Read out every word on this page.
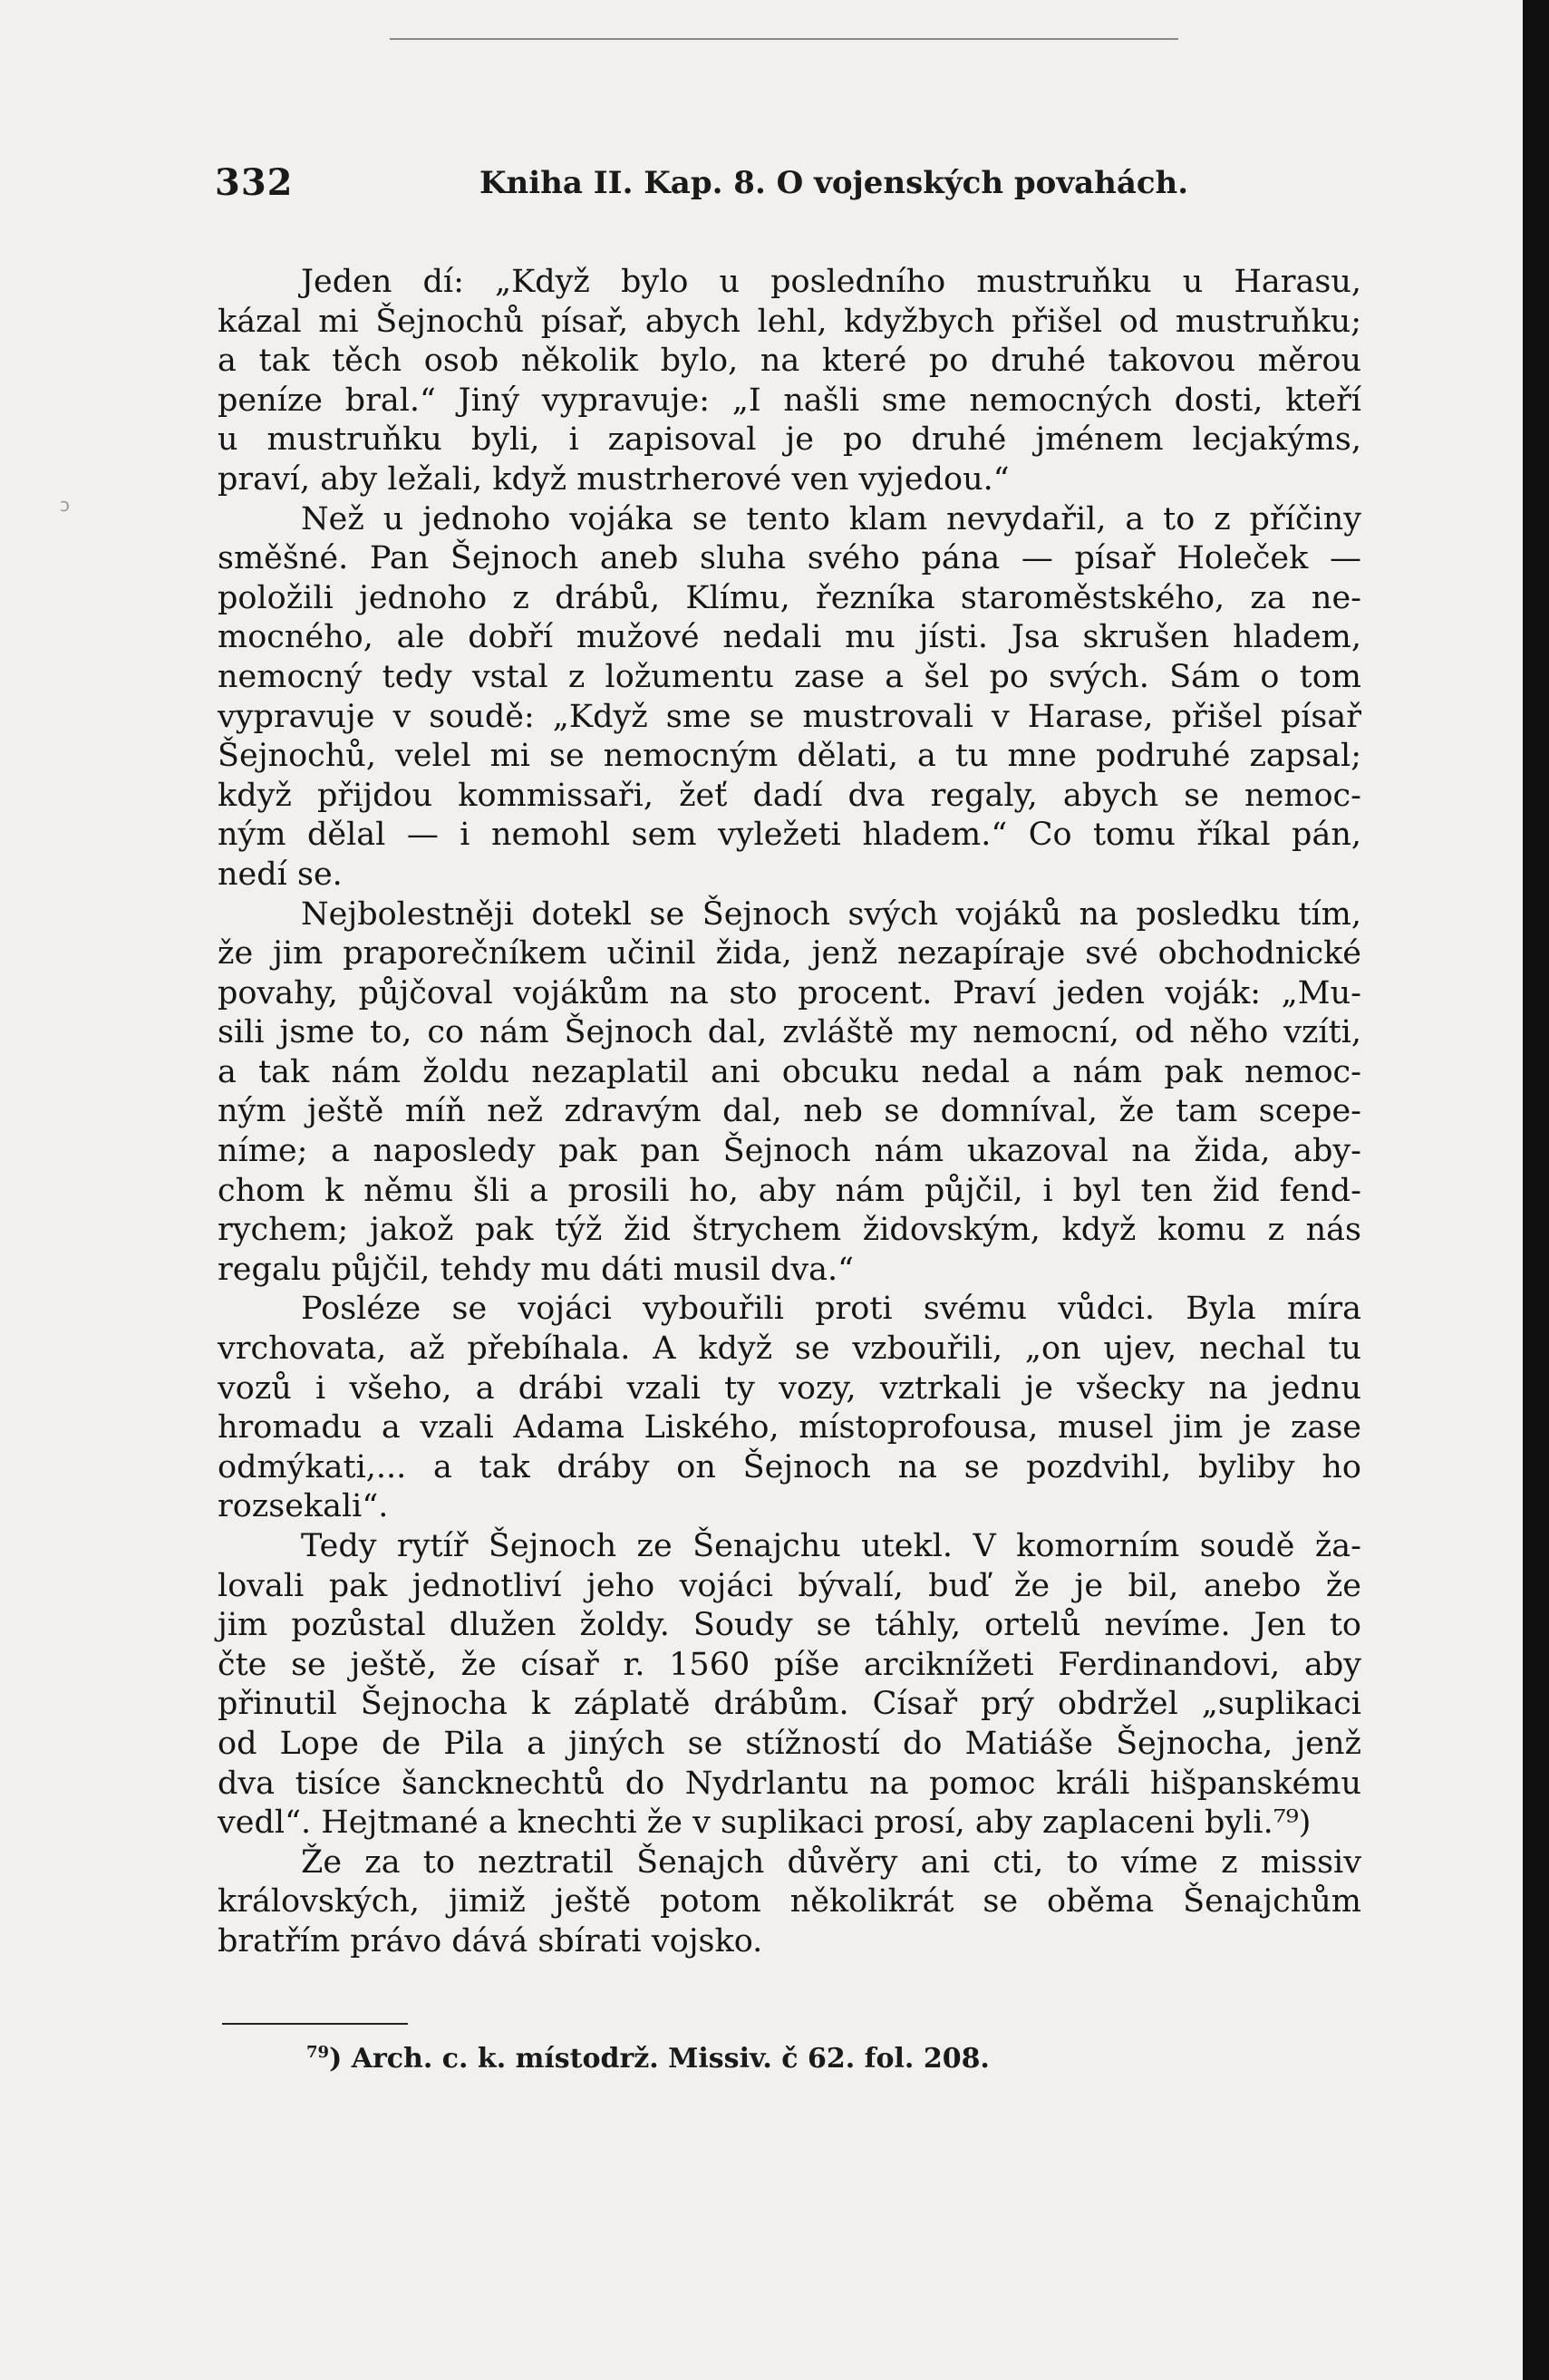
332	Kniha II. Kap. 8. O vojenských povahách.
ↄ
Jeden dí: „Když bylo u posledního mustruňku u Harasu,
kázal mi Šejnochů písař, abych lehl, kdyžbych přišel od mustruňku;
a tak těch osob několik bylo, na které po druhé takovou měrou
peníze bral.“ Jiný vypravuje: „I našli sme nemocných dosti, kteří
u mustruňku byli, i zapisoval je po druhé jménem lecjakýms,
praví, aby ležali, když mustrherové ven vyjedou.“
Než u jednoho vojáka se tento klam nevydařil, a to z příčiny
směšné. Pan Šejnoch aneb sluha svého pána — písař Holeček —
položili jednoho z drábů, Klímu, řezníka staroměstského, za ne-
mocného, ale dobří mužové nedali mu jísti. Jsa skrušen hladem,
nemocný tedy vstal z ložumentu zase a šel po svých. Sám o tom
vypravuje v soudě: „Když sme se mustrovali v Harase, přišel písař
Šejnochů, velel mi se nemocným dělati, a tu mne podruhé zapsal;
když přijdou kommissaři, žeť dadí dva regaly, abych se nemoc-
ným dělal — i nemohl sem vyležeti hladem.“ Co tomu říkal pán,
nedí se.
Nejbolestněji dotekl se Šejnoch svých vojáků na posledku tím,
že jim praporečníkem učinil žida, jenž nezapíraje své obchodnické
povahy, půjčoval vojákům na sto procent. Praví jeden voják: „Mu-
sili jsme to, co nám Šejnoch dal, zvláště my nemocní, od něho vzíti,
a tak nám žoldu nezaplatil ani obcuku nedal a nám pak nemoc-
ným ještě míň než zdravým dal, neb se domníval, že tam scepe-
níme; a naposledy pak pan Šejnoch nám ukazoval na žida, aby-
chom k němu šli a prosili ho, aby nám půjčil, i byl ten žid fend-
rychem; jakož pak týž žid štrychem židovským, když komu z nás
regalu půjčil, tehdy mu dáti musil dva.“
Posléze se vojáci vybouřili proti svému vůdci. Byla míra
vrchovata, až přebíhala. A když se vzbouřili, „on ujev, nechal tu
vozů i všeho, a drábi vzali ty vozy, vztrkali je všecky na jednu
hromadu a vzali Adama Liského, místoprofousa, musel jim je zase
odmýkati,... a tak dráby on Šejnoch na se pozdvihl, byliby ho
rozsekali“.
Tedy rytíř Šejnoch ze Šenajchu utekl. V komorním soudě ža-
lovali pak jednotliví jeho vojáci bývalí, buď že je bil, anebo že
jim pozůstal dlužen žoldy. Soudy se táhly, ortelů nevíme. Jen to
čte se ještě, že císař r. 1560 píše arciknížeti Ferdinandovi, aby
přinutil Šejnocha k záplatě drábům. Císař prý obdržel „suplikaci
od Lope de Pila a jiných se stížností do Matiáše Šejnocha, jenž
dva tisíce šancknechtů do Nydrlantu na pomoc králi hišpanskému
vedl“. Hejtmané a knechti že v suplikaci prosí, aby zaplaceni byli.⁷⁹)
Že za to neztratil Šenajch důvěry ani cti, to víme z missiv
královských, jimiž ještě potom několikrát se oběma Šenajchům
bratřím právo dává sbírati vojsko.
$^{79}$) Arch. c. k. místodrž. Missiv. č 62. fol. 208.
